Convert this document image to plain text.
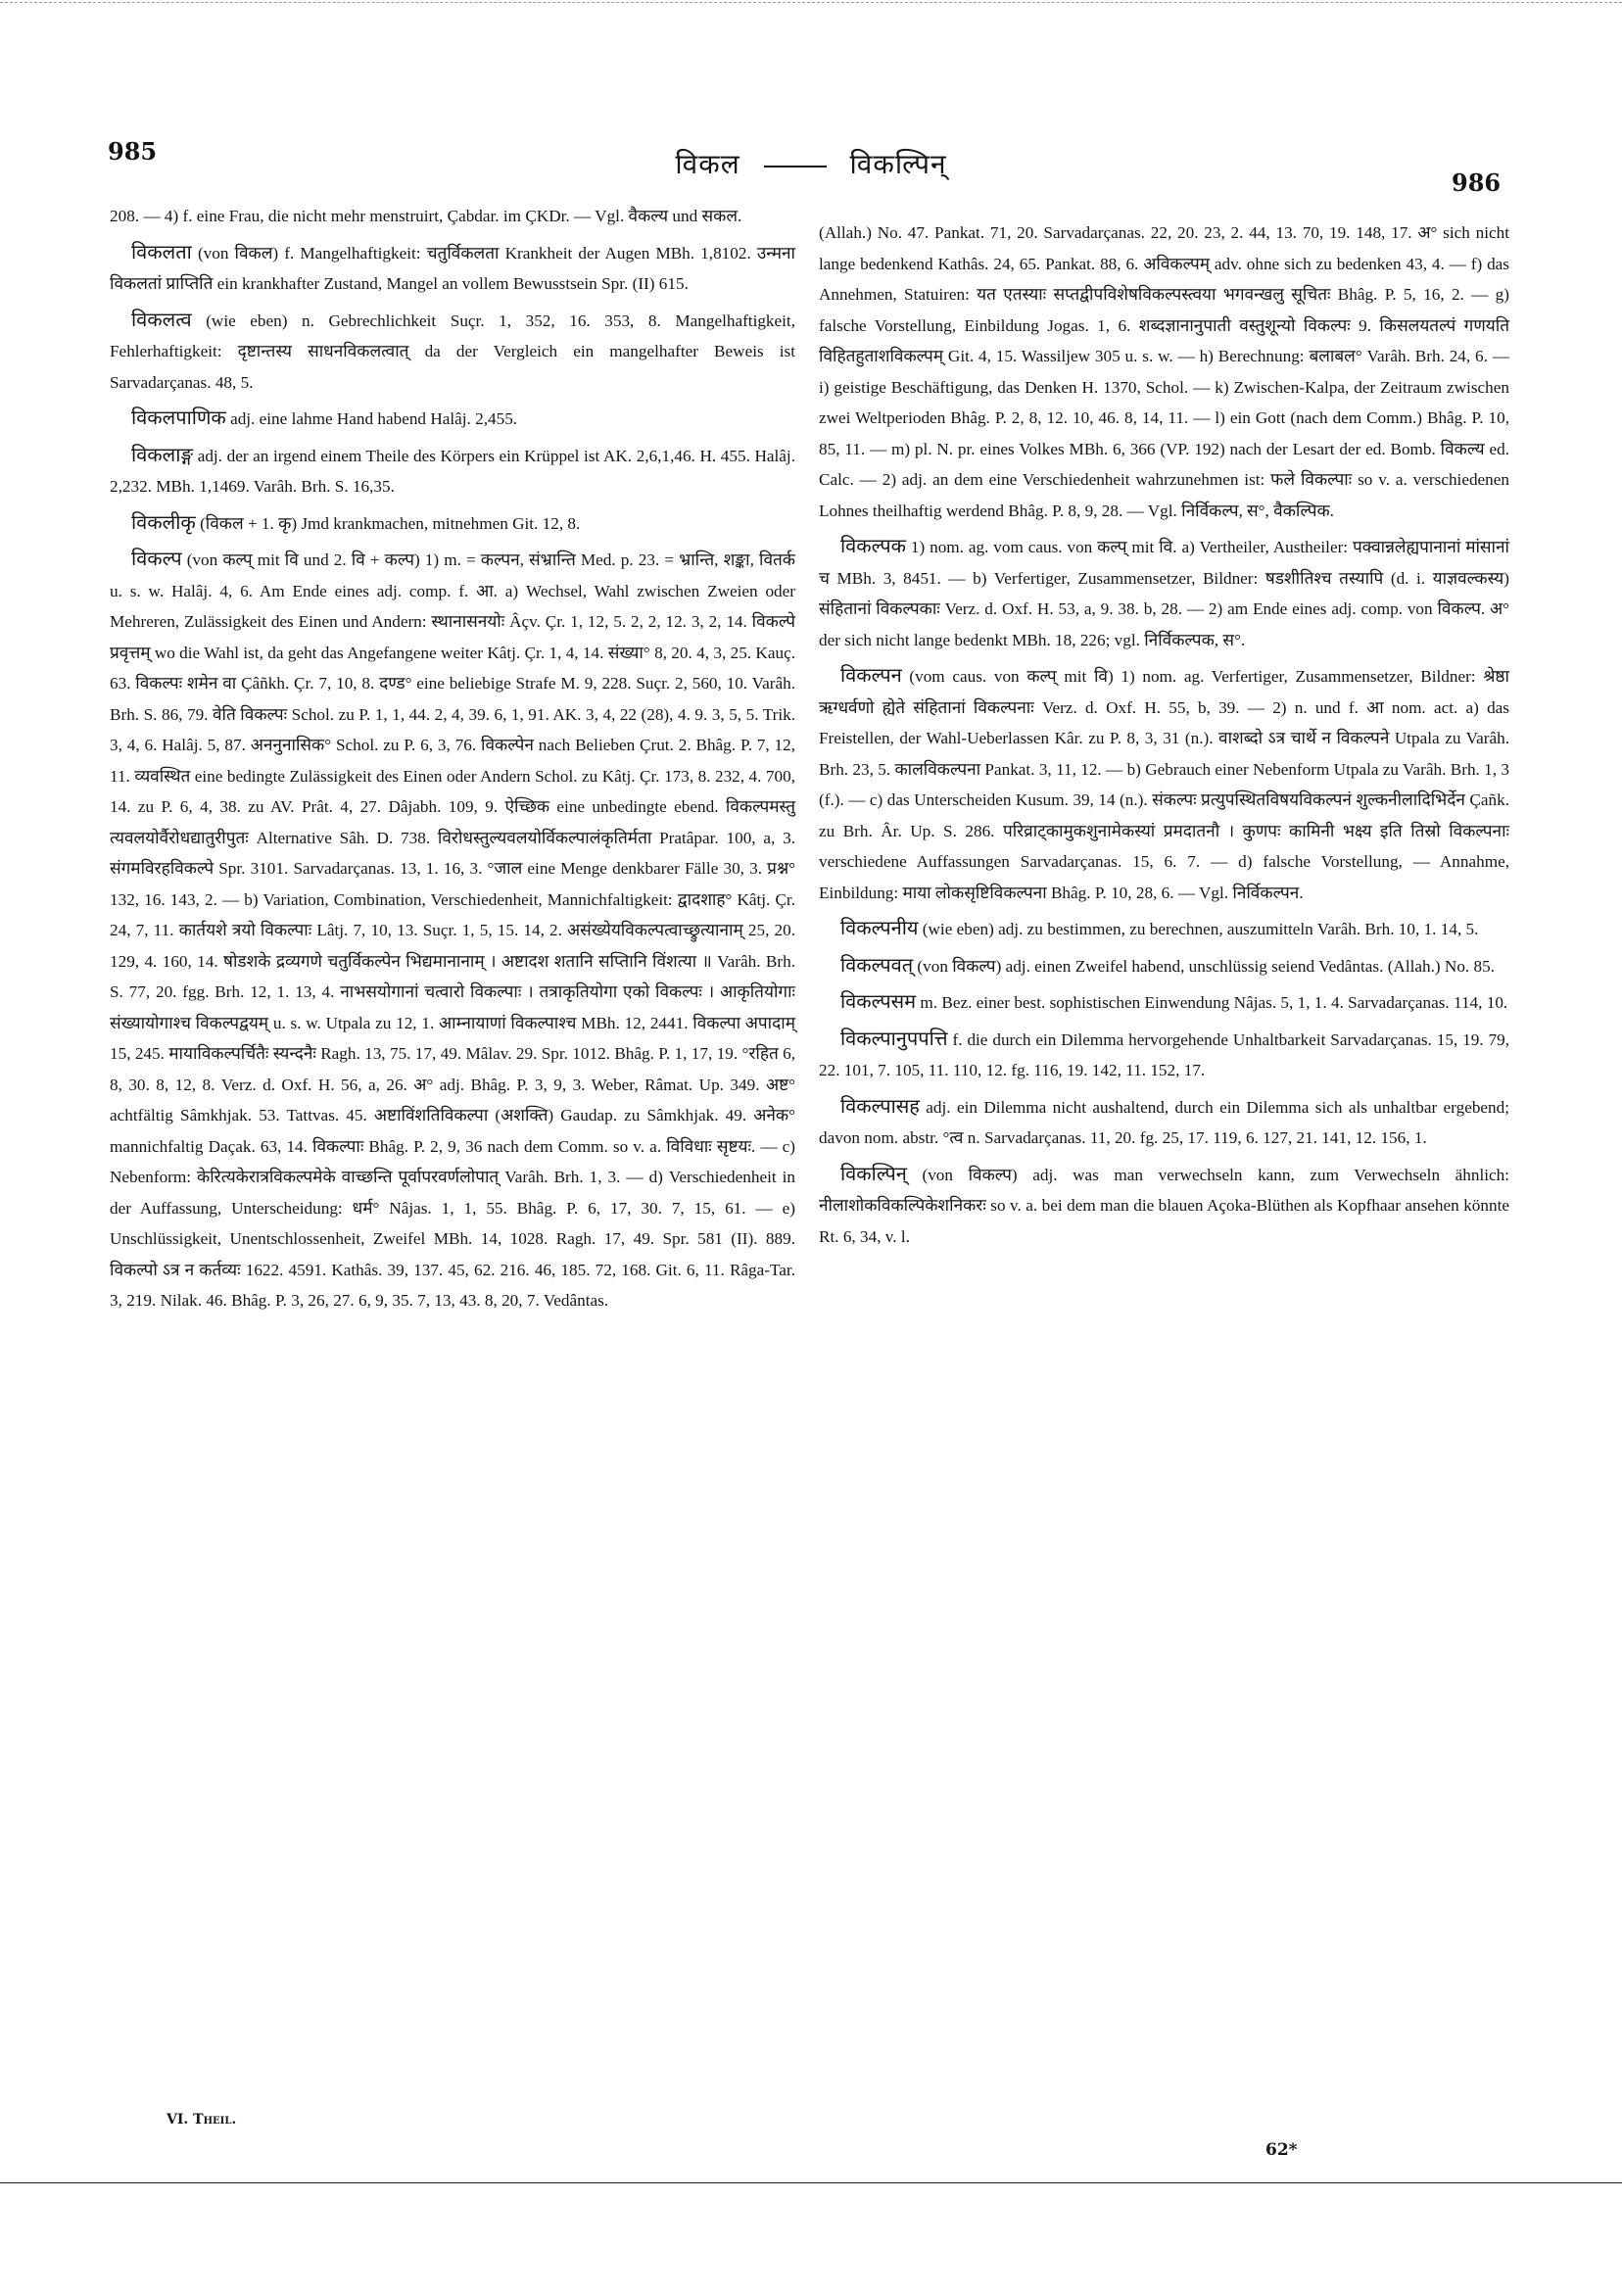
985	विकल	विकल्पिन्
986

208. — 4) f. eine Frau, die nicht mehr menstruirt, Çabdar. im ÇKDr. — Vgl. वैकल्य und सकल.

विकलता (von विकल) f. Mangelhaftigkeit: चतुर्विकलता Krankheit der Augen MBh. 1,8102. उन्मना विकलतां प्राप्तिति ein krankhafter Zustand, Mangel an vollem Bewusstsein Spr. (II) 615.

विकलत्व (wie eben) n. Gebrechlichkeit Suçr. 1, 352, 16. 353, 8. Mangelhaftigkeit, Fehlerhaftigkeit: दृष्टान्तस्य साधनविकलत्वात् da der Vergleich ein mangelhafter Beweis ist Sarvadarçanas. 48, 5.

विकलपाणिक adj. eine lahme Hand habend Halâj. 2,455.

विकलाङ्ग adj. der an irgend einem Theile des Körpers ein Krüppel ist AK. 2,6,1,46. H. 455. Halâj. 2,232. MBh. 1,1469. Varâh. Brh. S. 16,35.

विकलीकृ (विकल + 1. कृ) Jmd krankmachen, mitnehmen Git. 12, 8.

विकल्प (von कल्प् mit वि und 2. वि + कल्प) 1) m. = कल्पन, संभ्रान्ति Med. p. 23. = भ्रान्ति, शङ्का, वितर्क u. s. w. Halâj. 4, 6. Am Ende eines adj. comp. f. आ. a) Wechsel, Wahl zwischen Zweien oder Mehreren, Zulässigkeit des Einen und Andern: स्थानासनयोः Âçv. Çr. 1, 12, 5. 2, 2, 12. 3, 2, 14. विकल्पे प्रवृत्तम् wo die Wahl ist, da geht das Angefangene weiter Kâtj. Çr. 1, 4, 14. संख्या° 8, 20. 4, 3, 25. Kauç. 63. विकल्पः शमेन वा Çâñkh. Çr. 7, 10, 8. दण्ड° eine beliebige Strafe M. 9, 228. Suçr. 2, 560, 10. Varâh. Brh. S. 86, 79. वेति विकल्पः Schol. zu P. 1, 1, 44. 2, 4, 39. 6, 1, 91. AK. 3, 4, 22 (28), 4. 9. 3, 5, 5. Trik. 3, 4, 6. Halâj. 5, 87. अननुनासिक° Schol. zu P. 6, 3, 76. विकल्पेन nach Belieben Çrut. 2. Bhâg. P. 7, 12, 11. व्यवस्थित eine bedingte Zulässigkeit des Einen oder Andern Schol. zu Kâtj. Çr. 173, 8. 232, 4. 700, 14. zu P. 6, 4, 38. zu AV. Prât. 4, 27. Dâjabh. 109, 9. ऐच्छिक eine unbedingte ebend. विकल्पमस्तु त्यवलयोर्वैरोधद्यातुरीपुतः Alternative Sâh. D. 738. विरोधस्तुल्यवलयोर्विकल्पालंकृतिर्मता Pratâpar. 100, a, 3. संगमविरहविकल्पे Spr. 3101. Sarvadarçanas. 13, 1. 16, 3. °जाल eine Menge denkbarer Fälle 30, 3. प्रश्न° 132, 16. 143, 2. — b) Variation, Combination, Verschiedenheit, Mannichfaltigkeit: द्वादशाह° Kâtj. Çr. 24, 7, 11. कार्तयशे त्रयो विकल्पाः Lâtj. 7, 10, 13. Suçr. 1, 5, 15. 14, 2. असंख्येयविकल्पत्वाच्छ्रुत्यानाम् 25, 20. 129, 4. 160, 14. षोडशके द्रव्यगणे चतुर्विकल्पेन भिद्यमानानाम् । अष्टादश शतानि सप्तिानि विंशत्या ॥ Varâh. Brh. S. 77, 20. fgg. Brh. 12, 1. 13, 4. नाभसयोगानां चत्वारो विकल्पाः । तत्राकृतियोगा एको विकल्पः । आकृतियोगाः संख्यायोगाश्च विकल्पद्वयम् u. s. w. Utpala zu 12, 1. आम्नायाणां विकल्पाश्च MBh. 12, 2441. विकल्पा अपादाम् 15, 245. मायाविकल्पर्चितैः स्यन्दनैः Ragh. 13, 75. 17, 49. Mâlav. 29. Spr. 1012. Bhâg. P. 1, 17, 19. °रहित 6, 8, 30. 8, 12, 8. Verz. d. Oxf. H. 56, a, 26. अ° adj. Bhâg. P. 3, 9, 3. Weber, Râmat. Up. 349. अष्ट° achtfältig Sâmkhjak. 53. Tattvas. 45. अष्टाविंशतिविकल्पा (अशक्ति) Gaudap. zu Sâmkhjak. 49. अनेक° mannichfaltig Daçak. 63, 14. विकल्पाः Bhâg. P. 2, 9, 36 nach dem Comm. so v. a. विविधाः सृष्टयः. — c) Nebenform: केरित्यकेरात्रविकल्पमेके वाच्छन्ति पूर्वापरवर्णलोपात् Varâh. Brh. 1, 3. — d) Verschiedenheit in der Auffassung, Unterscheidung: धर्म° Nâjas. 1, 1, 55. Bhâg. P. 6, 17, 30. 7, 15, 61. — e) Unschlüssigkeit, Unentschlossenheit, Zweifel MBh. 14, 1028. Ragh. 17, 49. Spr. 581 (II). 889. विकल्पो ऽत्र न कर्तव्यः 1622. 4591. Kathâs. 39, 137. 45, 62. 216. 46, 185. 72, 168. Git. 6, 11. Râga-Tar. 3, 219. Nilak. 46. Bhâg. P. 3, 26, 27. 6, 9, 35. 7, 13, 43. 8, 20, 7. Vedântas.

(Allah.) No. 47. Pankat. 71, 20. Sarvadarçanas. 22, 20. 23, 2. 44, 13. 70, 19. 148, 17. अ° sich nicht lange bedenkend Kathâs. 24, 65. Pankat. 88, 6. अविकल्पम् adv. ohne sich zu bedenken 43, 4. — f) das Annehmen, Statuiren: यत एतस्याः सप्तद्वीपविशेषविकल्पस्त्वया भगवन्खलु सूचितः Bhâg. P. 5, 16, 2. — g) falsche Vorstellung, Einbildung Jogas. 1, 6. शब्दज्ञानानुपाती वस्तुशून्यो विकल्पः 9. किसलयतल्पं गणयति विहितहुताशविकल्पम् Git. 4, 15. Wassiljew 305 u. s. w. — h) Berechnung: बलाबल° Varâh. Brh. 24, 6. — i) geistige Beschäftigung, das Denken H. 1370, Schol. — k) Zwischen-Kalpa, der Zeitraum zwischen zwei Weltperioden Bhâg. P. 2, 8, 12. 10, 46. 8, 14, 11. — l) ein Gott (nach dem Comm.) Bhâg. P. 10, 85, 11. — m) pl. N. pr. eines Volkes MBh. 6, 366 (VP. 192) nach der Lesart der ed. Bomb. विकल्य ed. Calc. — 2) adj. an dem eine Verschiedenheit wahrzunehmen ist: फले विकल्पाः so v. a. verschiedenen Lohnes theilhaftig werdend Bhâg. P. 8, 9, 28. — Vgl. निर्विकल्प, स°, वैकल्पिक.

विकल्पक 1) nom. ag. vom caus. von कल्प् mit वि. a) Vertheiler, Austheiler: पक्वान्नलेह्यपानानां मांसानां च MBh. 3, 8451. — b) Verfertiger, Zusammensetzer, Bildner: षडशीतिश्च तस्यापि (d. i. याज्ञवल्कस्य) संहितानां विकल्पकाः Verz. d. Oxf. H. 53, a, 9. 38. b, 28. — 2) am Ende eines adj. comp. von विकल्प. अ° der sich nicht lange bedenkt MBh. 18, 226; vgl. निर्विकल्पक, स°.

विकल्पन (vom caus. von कल्प् mit वि) 1) nom. ag. Verfertiger, Zusammensetzer, Bildner: श्रेष्ठा ऋग्धर्वणो ह्येते संहितानां विकल्पनाः Verz. d. Oxf. H. 55, b, 39. — 2) n. und f. आ nom. act. a) das Freistellen, der Wahl-Ueberlassen Kâr. zu P. 8, 3, 31 (n.). वाशब्दो ऽत्र चार्थे न विकल्पने Utpala zu Varâh. Brh. 23, 5. कालविकल्पना Pankat. 3, 11, 12. — b) Gebrauch einer Nebenform Utpala zu Varâh. Brh. 1, 3 (f.). — c) das Unterscheiden Kusum. 39, 14 (n.). संकल्पः प्रत्युपस्थितविषयविकल्पनं शुल्कनीलादिभिर्देन Çañk. zu Brh. Âr. Up. S. 286. परिव्राट्कामुकशुनामेकस्यां प्रमदातनौ । कुणपः कामिनी भक्ष्य इति तिस्रो विकल्पनाः verschiedene Auffassungen Sarvadarçanas. 15, 6. 7. — d) falsche Vorstellung, — Annahme, Einbildung: माया लोकसृष्टिविकल्पना Bhâg. P. 10, 28, 6. — Vgl. निर्विकल्पन.

विकल्पनीय (wie eben) adj. zu bestimmen, zu berechnen, auszumitteln Varâh. Brh. 10, 1. 14, 5.

विकल्पवत् (von विकल्प) adj. einen Zweifel habend, unschlüssig seiend Vedântas. (Allah.) No. 85.

विकल्पसम m. Bez. einer best. sophistischen Einwendung Nâjas. 5, 1, 1. 4. Sarvadarçanas. 114, 10.

विकल्पानुपपत्ति f. die durch ein Dilemma hervorgehende Unhaltbarkeit Sarvadarçanas. 15, 19. 79, 22. 101, 7. 105, 11. 110, 12. fg. 116, 19. 142, 11. 152, 17.

विकल्पासह adj. ein Dilemma nicht aushaltend, durch ein Dilemma sich als unhaltbar ergebend; davon nom. abstr. °त्व n. Sarvadarçanas. 11, 20. fg. 25, 17. 119, 6. 127, 21. 141, 12. 156, 1.

विकल्पिन् (von विकल्प) adj. was man verwechseln kann, zum Verwechseln ähnlich: नीलाशोकविकल्पिकेशनिकरः so v. a. bei dem man die blauen Açoka-Blüthen als Kopfhaar ansehen könnte Rt. 6, 34, v. l.

VI. Theil.
62*
